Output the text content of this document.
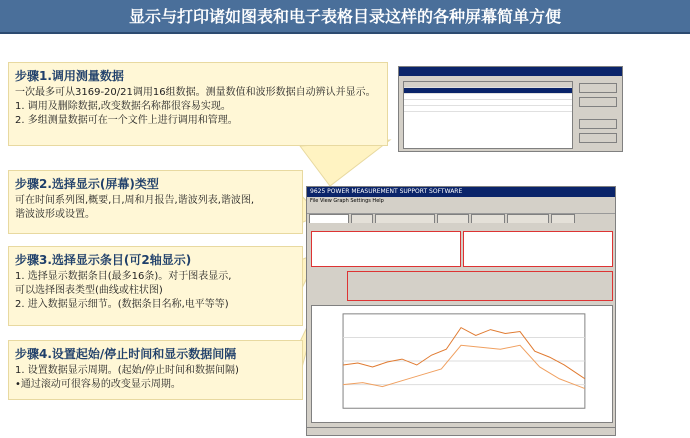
显示与打印诸如图表和电子表格目录这样的各种屏幕简单方便
步骤1.调用测量数据
一次最多可从3169-20/21调用16组数据。测量数值和波形数据自动辨认并显示。
1. 调用及删除数据,改变数据名称都很容易实现。
2. 多组测量数据可在一个文件上进行调用和管理。
步骤2.选择显示(屏幕)类型
可在时间系列图,概要,日,周和月报告,谐波列表,谐波图,
谐波波形或设置。
步骤3.选择显示条目(可2轴显示)
1. 选择显示数据条目(最多16条)。对于图表显示,
可以选择图表类型(曲线或柱状图)
2. 进入数据显示细节。(数据条目名称,电平等等)
步骤4.设置起始/停止时间和显示数据间隔
1. 设置数据显示周期。(起始/停止时间和数据间隔)
•通过滚动可很容易的改变显示周期。
9625 POWER MEASUREMENT SUPPORT SOFTWARE
File View Graph Settings Help
